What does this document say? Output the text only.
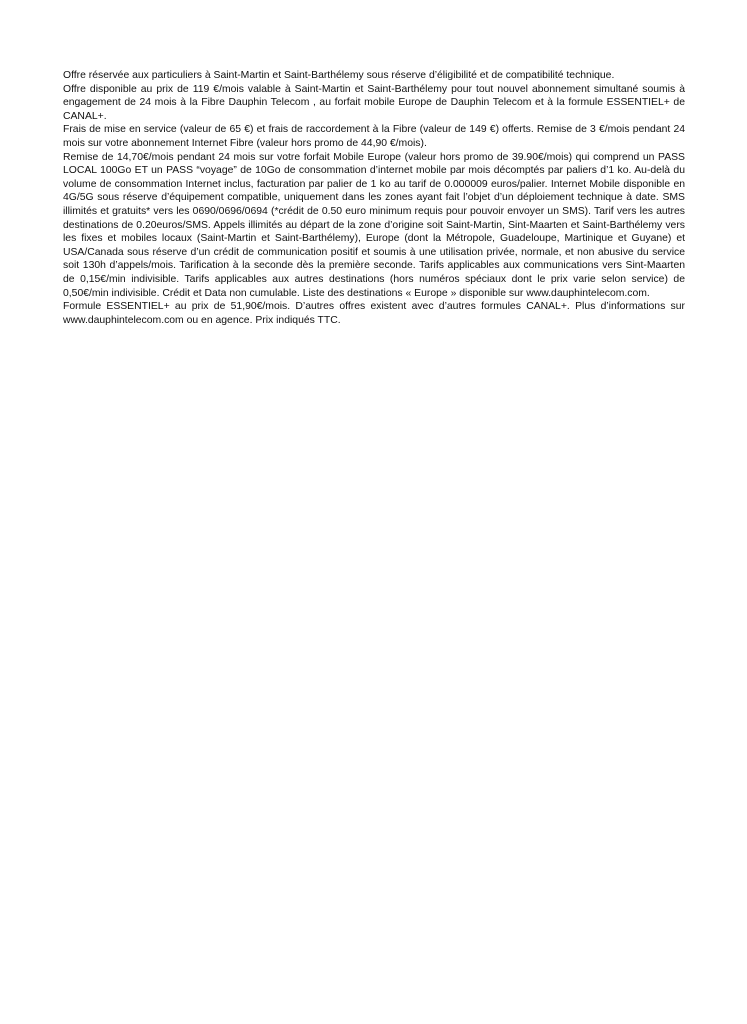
Offre réservée aux particuliers à Saint-Martin et Saint-Barthélemy sous réserve d’éligibilité et de compatibilité technique.

Offre disponible au prix de 119 €/mois valable à Saint-Martin et Saint-Barthélemy pour tout nouvel abonnement simultané soumis à engagement de 24 mois à la Fibre Dauphin Telecom , au forfait mobile Europe de Dauphin Telecom et à la formule ESSENTIEL+ de CANAL+.

Frais de mise en service (valeur de 65 €) et frais de raccordement à la Fibre (valeur de 149 €) offerts. Remise de 3 €/mois pendant 24 mois sur votre abonnement Internet Fibre (valeur hors promo de 44,90 €/mois).

Remise de 14,70€/mois pendant 24 mois sur votre forfait Mobile Europe (valeur hors promo de 39.90€/mois) qui comprend un PASS LOCAL 100Go ET un PASS “voyage” de 10Go de consommation d’internet mobile par mois décomptés par paliers d’1 ko. Au-delà du volume de consommation Internet inclus, facturation par palier de 1 ko au tarif de 0.000009 euros/palier. Internet Mobile disponible en 4G/5G sous réserve d’équipement compatible, uniquement dans les zones ayant fait l’objet d’un déploiement technique à date. SMS illimités et gratuits* vers les 0690/0696/0694 (*crédit de 0.50 euro minimum requis pour pouvoir envoyer un SMS). Tarif vers les autres destinations de 0.20euros/SMS. Appels illimités au départ de la zone d’origine soit Saint-Martin, Sint-Maarten et Saint-Barthélemy vers les fixes et mobiles locaux (Saint-Martin et Saint-Barthélemy), Europe (dont la Métropole, Guadeloupe, Martinique et Guyane) et USA/Canada sous réserve d’un crédit de communication positif et soumis à une utilisation privée, normale, et non abusive du service soit 130h d’appels/mois. Tarification à la seconde dès la première seconde. Tarifs applicables aux communications vers Sint-Maarten de 0,15€/min indivisible. Tarifs applicables aux autres destinations (hors numéros spéciaux dont le prix varie selon service) de 0,50€/min indivisible. Crédit et Data non cumulable. Liste des destinations « Europe » disponible sur www.dauphintelecom.com.

Formule ESSENTIEL+ au prix de 51,90€/mois. D’autres offres existent avec d’autres formules CANAL+. Plus d’informations sur www.dauphintelecom.com ou en agence. Prix indiqués TTC.
